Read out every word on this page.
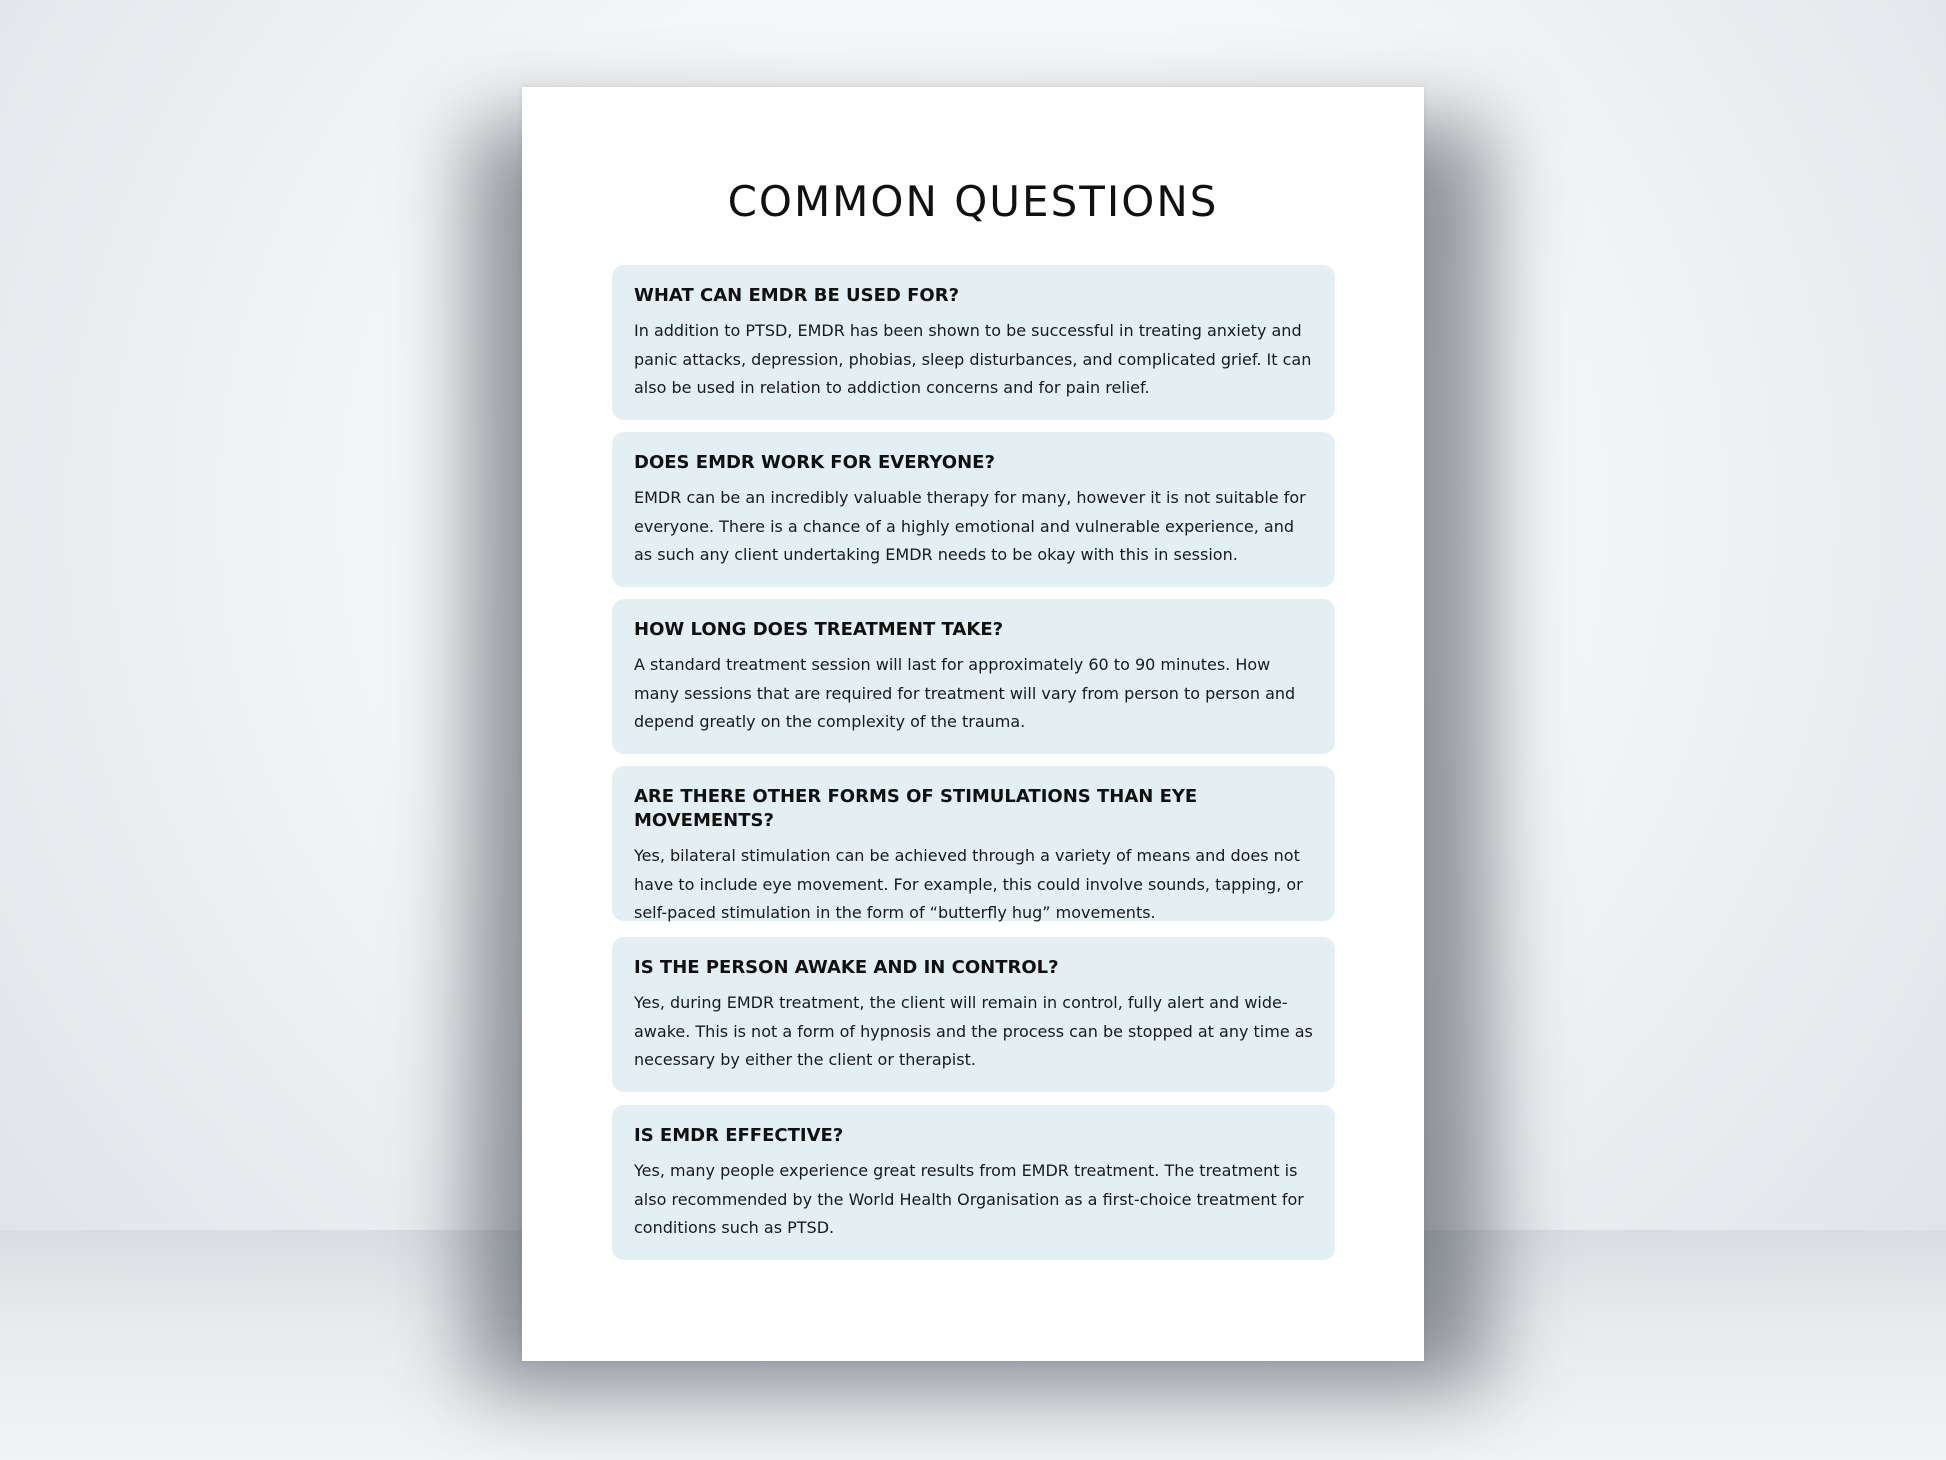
COMMON QUESTIONS

WHAT CAN EMDR BE USED FOR?

In addition to PTSD, EMDR has been shown to be successful in treating anxiety and panic attacks, depression, phobias, sleep disturbances, and complicated grief. It can also be used in relation to addiction concerns and for pain relief.

DOES EMDR WORK FOR EVERYONE?

EMDR can be an incredibly valuable therapy for many, however it is not suitable for everyone. There is a chance of a highly emotional and vulnerable experience, and as such any client undertaking EMDR needs to be okay with this in session.

HOW LONG DOES TREATMENT TAKE?

A standard treatment session will last for approximately 60 to 90 minutes. How many sessions that are required for treatment will vary from person to person and depend greatly on the complexity of the trauma.

ARE THERE OTHER FORMS OF STIMULATIONS THAN EYE MOVEMENTS?

Yes, bilateral stimulation can be achieved through a variety of means and does not have to include eye movement. For example, this could involve sounds, tapping, or self-paced stimulation in the form of “butterfly hug” movements.

IS THE PERSON AWAKE AND IN CONTROL?

Yes, during EMDR treatment, the client will remain in control, fully alert and wide-awake. This is not a form of hypnosis and the process can be stopped at any time as necessary by either the client or therapist.

IS EMDR EFFECTIVE?

Yes, many people experience great results from EMDR treatment. The treatment is also recommended by the World Health Organisation as a first-choice treatment for conditions such as PTSD.
